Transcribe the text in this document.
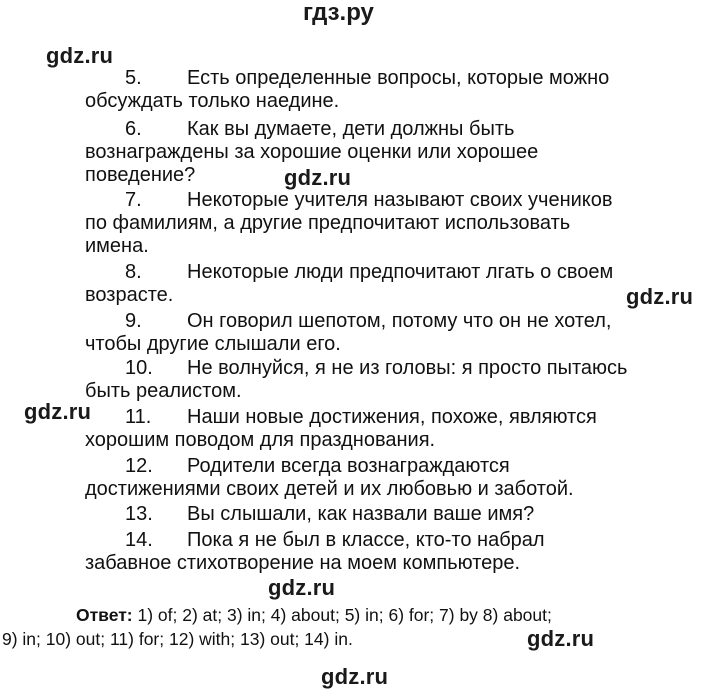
гдз.ру
gdz.ru
gdz.ru
gdz.ru
gdz.ru
gdz.ru
gdz.ru
gdz.ru
5. Есть определенные вопросы, которые можно
обсуждать только наедине.
6. Как вы думаете, дети должны быть
вознаграждены за хорошие оценки или хорошее
поведение?
7. Некоторые учителя называют своих учеников
по фамилиям, а другие предпочитают использовать
имена.
8. Некоторые люди предпочитают лгать о своем
возрасте.
9. Он говорил шепотом, потому что он не хотел,
чтобы другие слышали его.
10. Не волнуйся, я не из головы: я просто пытаюсь
быть реалистом.
11. Наши новые достижения, похоже, являются
хорошим поводом для празднования.
12. Родители всегда вознаграждаются
достижениями своих детей и их любовью и заботой.
13. Вы слышали, как назвали ваше имя?
14. Пока я не был в классе, кто-то набрал
забавное стихотворение на моем компьютере.
Ответ: 1) of; 2) at; 3) in; 4) about; 5) in; 6) for; 7) by 8) about;
9) in; 10) out; 11) for; 12) with; 13) out; 14) in.
